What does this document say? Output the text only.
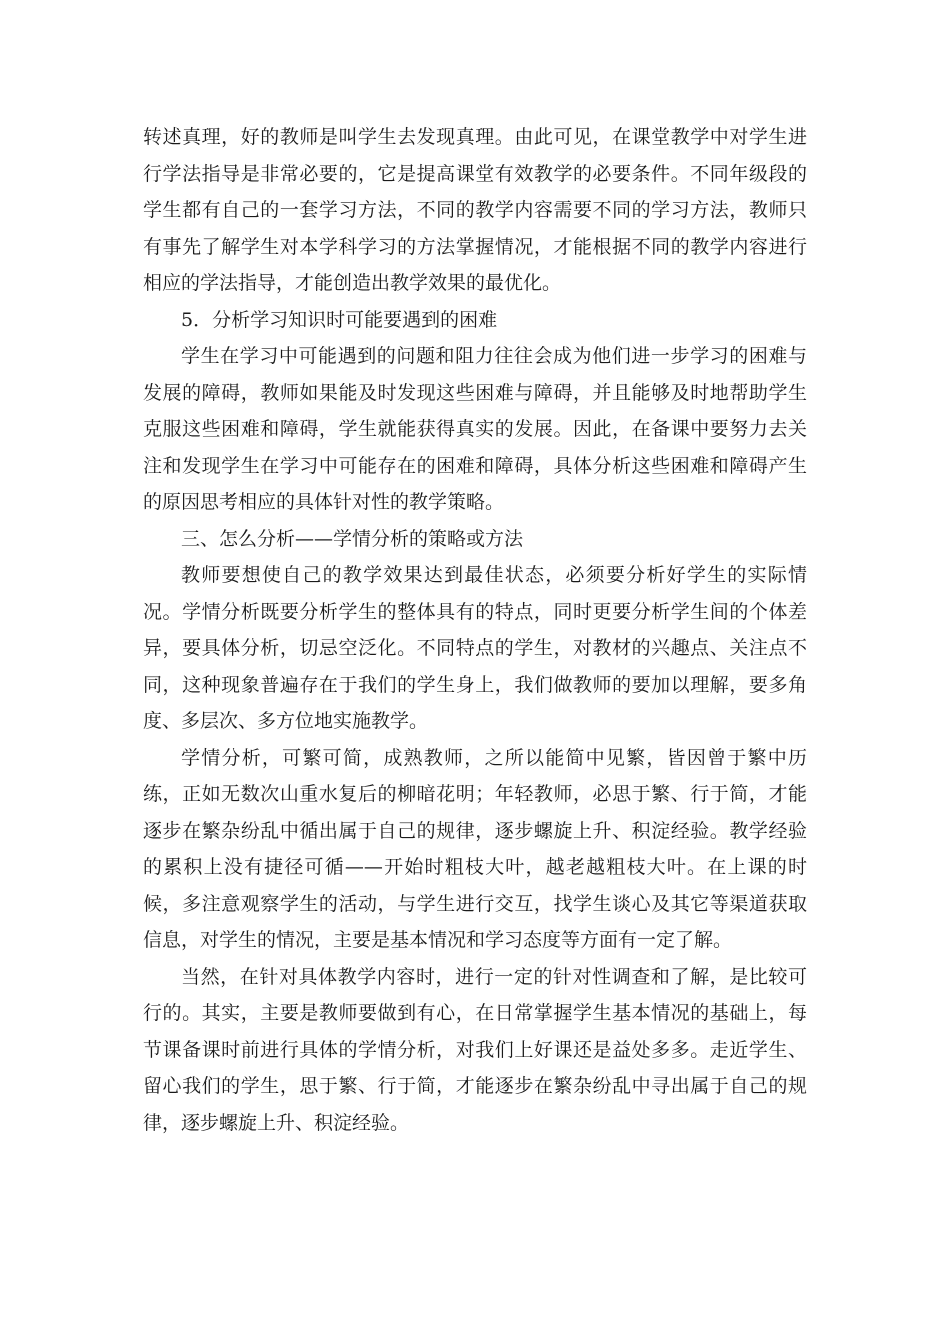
转述真理，好的教师是叫学生去发现真理。由此可见，在课堂教学中对学生进行学法指导是非常必要的，它是提高课堂有效教学的必要条件。不同年级段的学生都有自己的一套学习方法，不同的教学内容需要不同的学习方法，教师只有事先了解学生对本学科学习的方法掌握情况，才能根据不同的教学内容进行相应的学法指导，才能创造出教学效果的最优化。

5．分析学习知识时可能要遇到的困难

学生在学习中可能遇到的问题和阻力往往会成为他们进一步学习的困难与发展的障碍，教师如果能及时发现这些困难与障碍，并且能够及时地帮助学生克服这些困难和障碍，学生就能获得真实的发展。因此，在备课中要努力去关注和发现学生在学习中可能存在的困难和障碍，具体分析这些困难和障碍产生的原因思考相应的具体针对性的教学策略。

三、怎么分析——学情分析的策略或方法

教师要想使自己的教学效果达到最佳状态，必须要分析好学生的实际情况。学情分析既要分析学生的整体具有的特点，同时更要分析学生间的个体差异，要具体分析，切忌空泛化。不同特点的学生，对教材的兴趣点、关注点不同，这种现象普遍存在于我们的学生身上，我们做教师的要加以理解，要多角度、多层次、多方位地实施教学。

学情分析，可繁可简，成熟教师，之所以能简中见繁，皆因曾于繁中历练，正如无数次山重水复后的柳暗花明；年轻教师，必思于繁、行于简，才能逐步在繁杂纷乱中循出属于自己的规律，逐步螺旋上升、积淀经验。教学经验的累积上没有捷径可循——开始时粗枝大叶，越老越粗枝大叶。在上课的时候，多注意观察学生的活动，与学生进行交互，找学生谈心及其它等渠道获取信息，对学生的情况，主要是基本情况和学习态度等方面有一定了解。

当然，在针对具体教学内容时，进行一定的针对性调查和了解，是比较可行的。其实，主要是教师要做到有心，在日常掌握学生基本情况的基础上，每节课备课时前进行具体的学情分析，对我们上好课还是益处多多。走近学生、留心我们的学生，思于繁、行于简，才能逐步在繁杂纷乱中寻出属于自己的规律，逐步螺旋上升、积淀经验。
